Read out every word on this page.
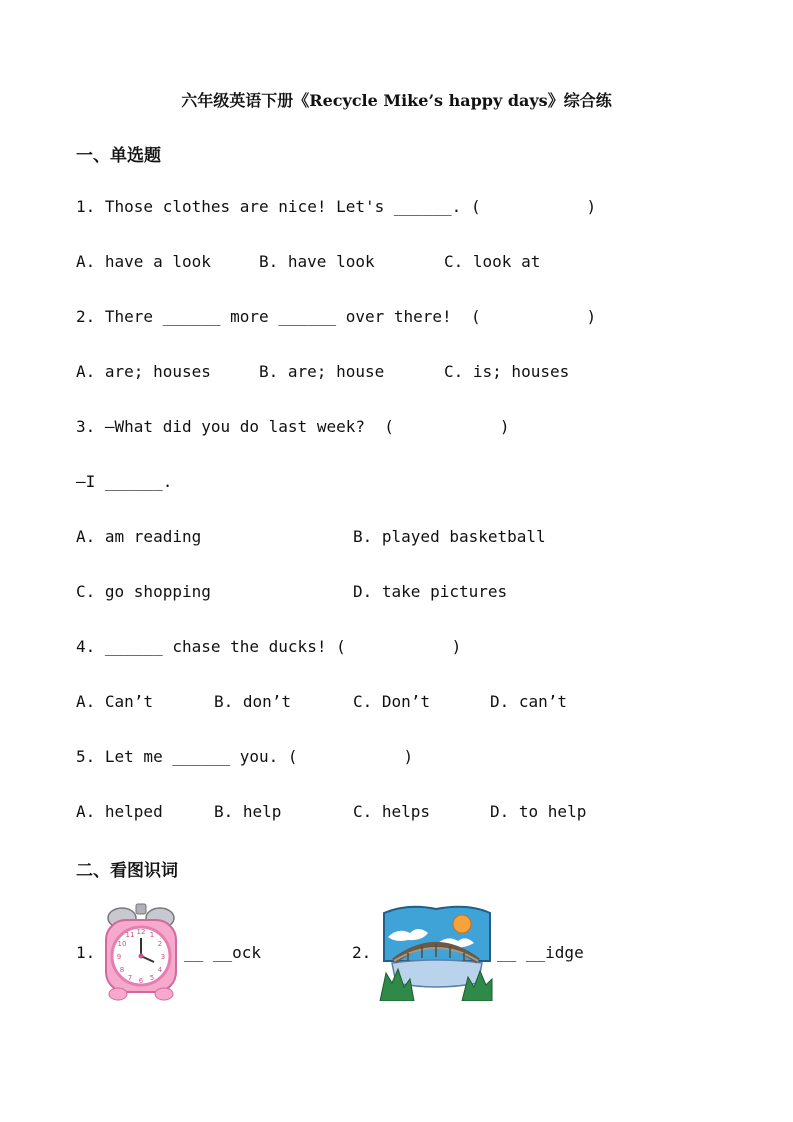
六年级英语下册《Recycle Mike’s happy days》综合练
一、单选题
1. Those clothes are nice! Let's ______. (           )
A. have a look	B. have look	C. look at
2. There ______ more ______ over there!  (           )
A. are; houses	B. are; house	C. is; houses
3. —What did you do last week?  (           )
—I ______.
A. am reading	B. played basketball
C. go shopping	D. take pictures
4. ______ chase the ducks! (           )
A. Can’t	B. don’t	C. Don’t	D. can’t
5. Let me ______ you. (           )
A. helped	B. help	C. helps	D. to help
二、看图识词
1.
12
3
6
9
1
2
4
5
7
8
10
11
__ __ock	2.	__ __idge
